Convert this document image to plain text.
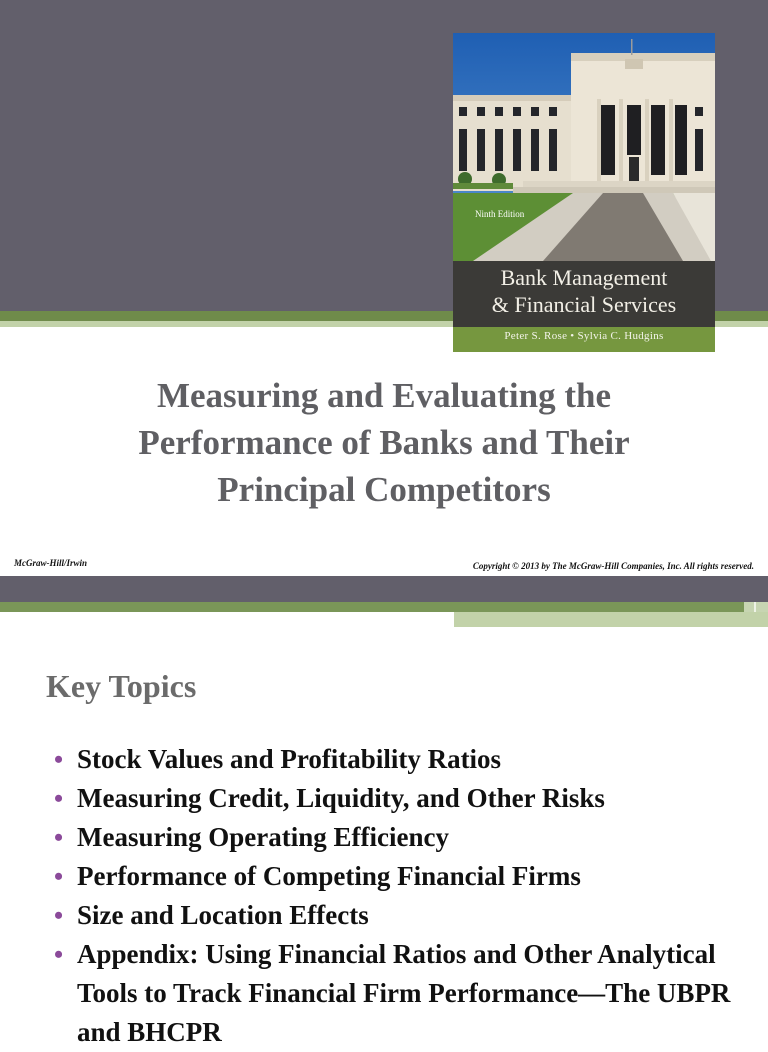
Ninth Edition
Bank Management
& Financial Services
Peter S. Rose • Sylvia C. Hudgins
Measuring and Evaluating the
Performance of Banks and Their
Principal Competitors
McGraw-Hill/Irwin	Copyright © 2013 by The McGraw-Hill Companies, Inc. All rights reserved.
Key Topics
• Stock Values and Profitability Ratios
• Measuring Credit, Liquidity, and Other Risks
• Measuring Operating Efficiency
• Performance of Competing Financial Firms
• Size and Location Effects
• Appendix: Using Financial Ratios and Other Analytical Tools to Track Financial Firm Performance—The UBPR and BHCPR
